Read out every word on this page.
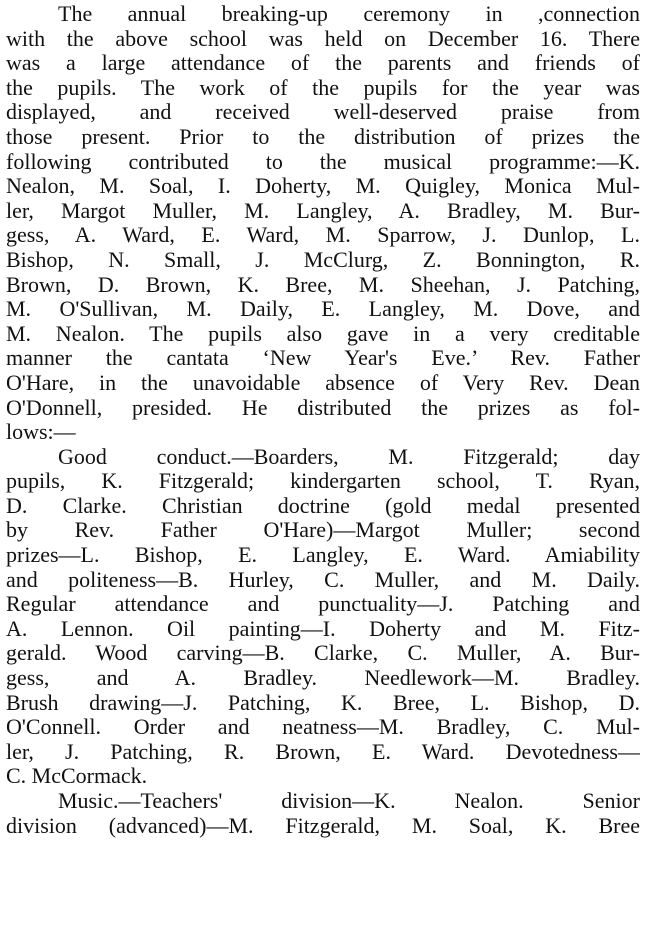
The annual breaking-up ceremony in ,connection
with the above school was held on December 16. There
was a large attendance of the parents and friends of
the pupils. The work of the pupils for the year was
displayed, and received well-deserved praise from
those present. Prior to the distribution of prizes the
following contributed to the musical programme:—K.
Nealon, M. Soal, I. Doherty, M. Quigley, Monica Mul-
ler, Margot Muller, M. Langley, A. Bradley, M. Bur-
gess, A. Ward, E. Ward, M. Sparrow, J. Dunlop, L.
Bishop, N. Small, J. McClurg, Z. Bonnington, R.
Brown, D. Brown, K. Bree, M. Sheehan, J. Patching,
M. O'Sullivan, M. Daily, E. Langley, M. Dove, and
M. Nealon. The pupils also gave in a very creditable
manner the cantata ‘New Year's Eve.’ Rev. Father
O'Hare, in the unavoidable absence of Very Rev. Dean
O'Donnell, presided. He distributed the prizes as fol-
lows:—
Good conduct.—Boarders, M. Fitzgerald; day
pupils, K. Fitzgerald; kindergarten school, T. Ryan,
D. Clarke. Christian doctrine (gold medal presented
by Rev. Father O'Hare)—Margot Muller; second
prizes—L. Bishop, E. Langley, E. Ward. Amiability
and politeness—B. Hurley, C. Muller, and M. Daily.
Regular attendance and punctuality—J. Patching and
A. Lennon. Oil painting—I. Doherty and M. Fitz-
gerald. Wood carving—B. Clarke, C. Muller, A. Bur-
gess, and A. Bradley. Needlework—M. Bradley.
Brush drawing—J. Patching, K. Bree, L. Bishop, D.
O'Connell. Order and neatness—M. Bradley, C. Mul-
ler, J. Patching, R. Brown, E. Ward. Devotedness—
C. McCormack.
Music.—Teachers' division—K. Nealon. Senior
division (advanced)—M. Fitzgerald, M. Soal, K. Bree
